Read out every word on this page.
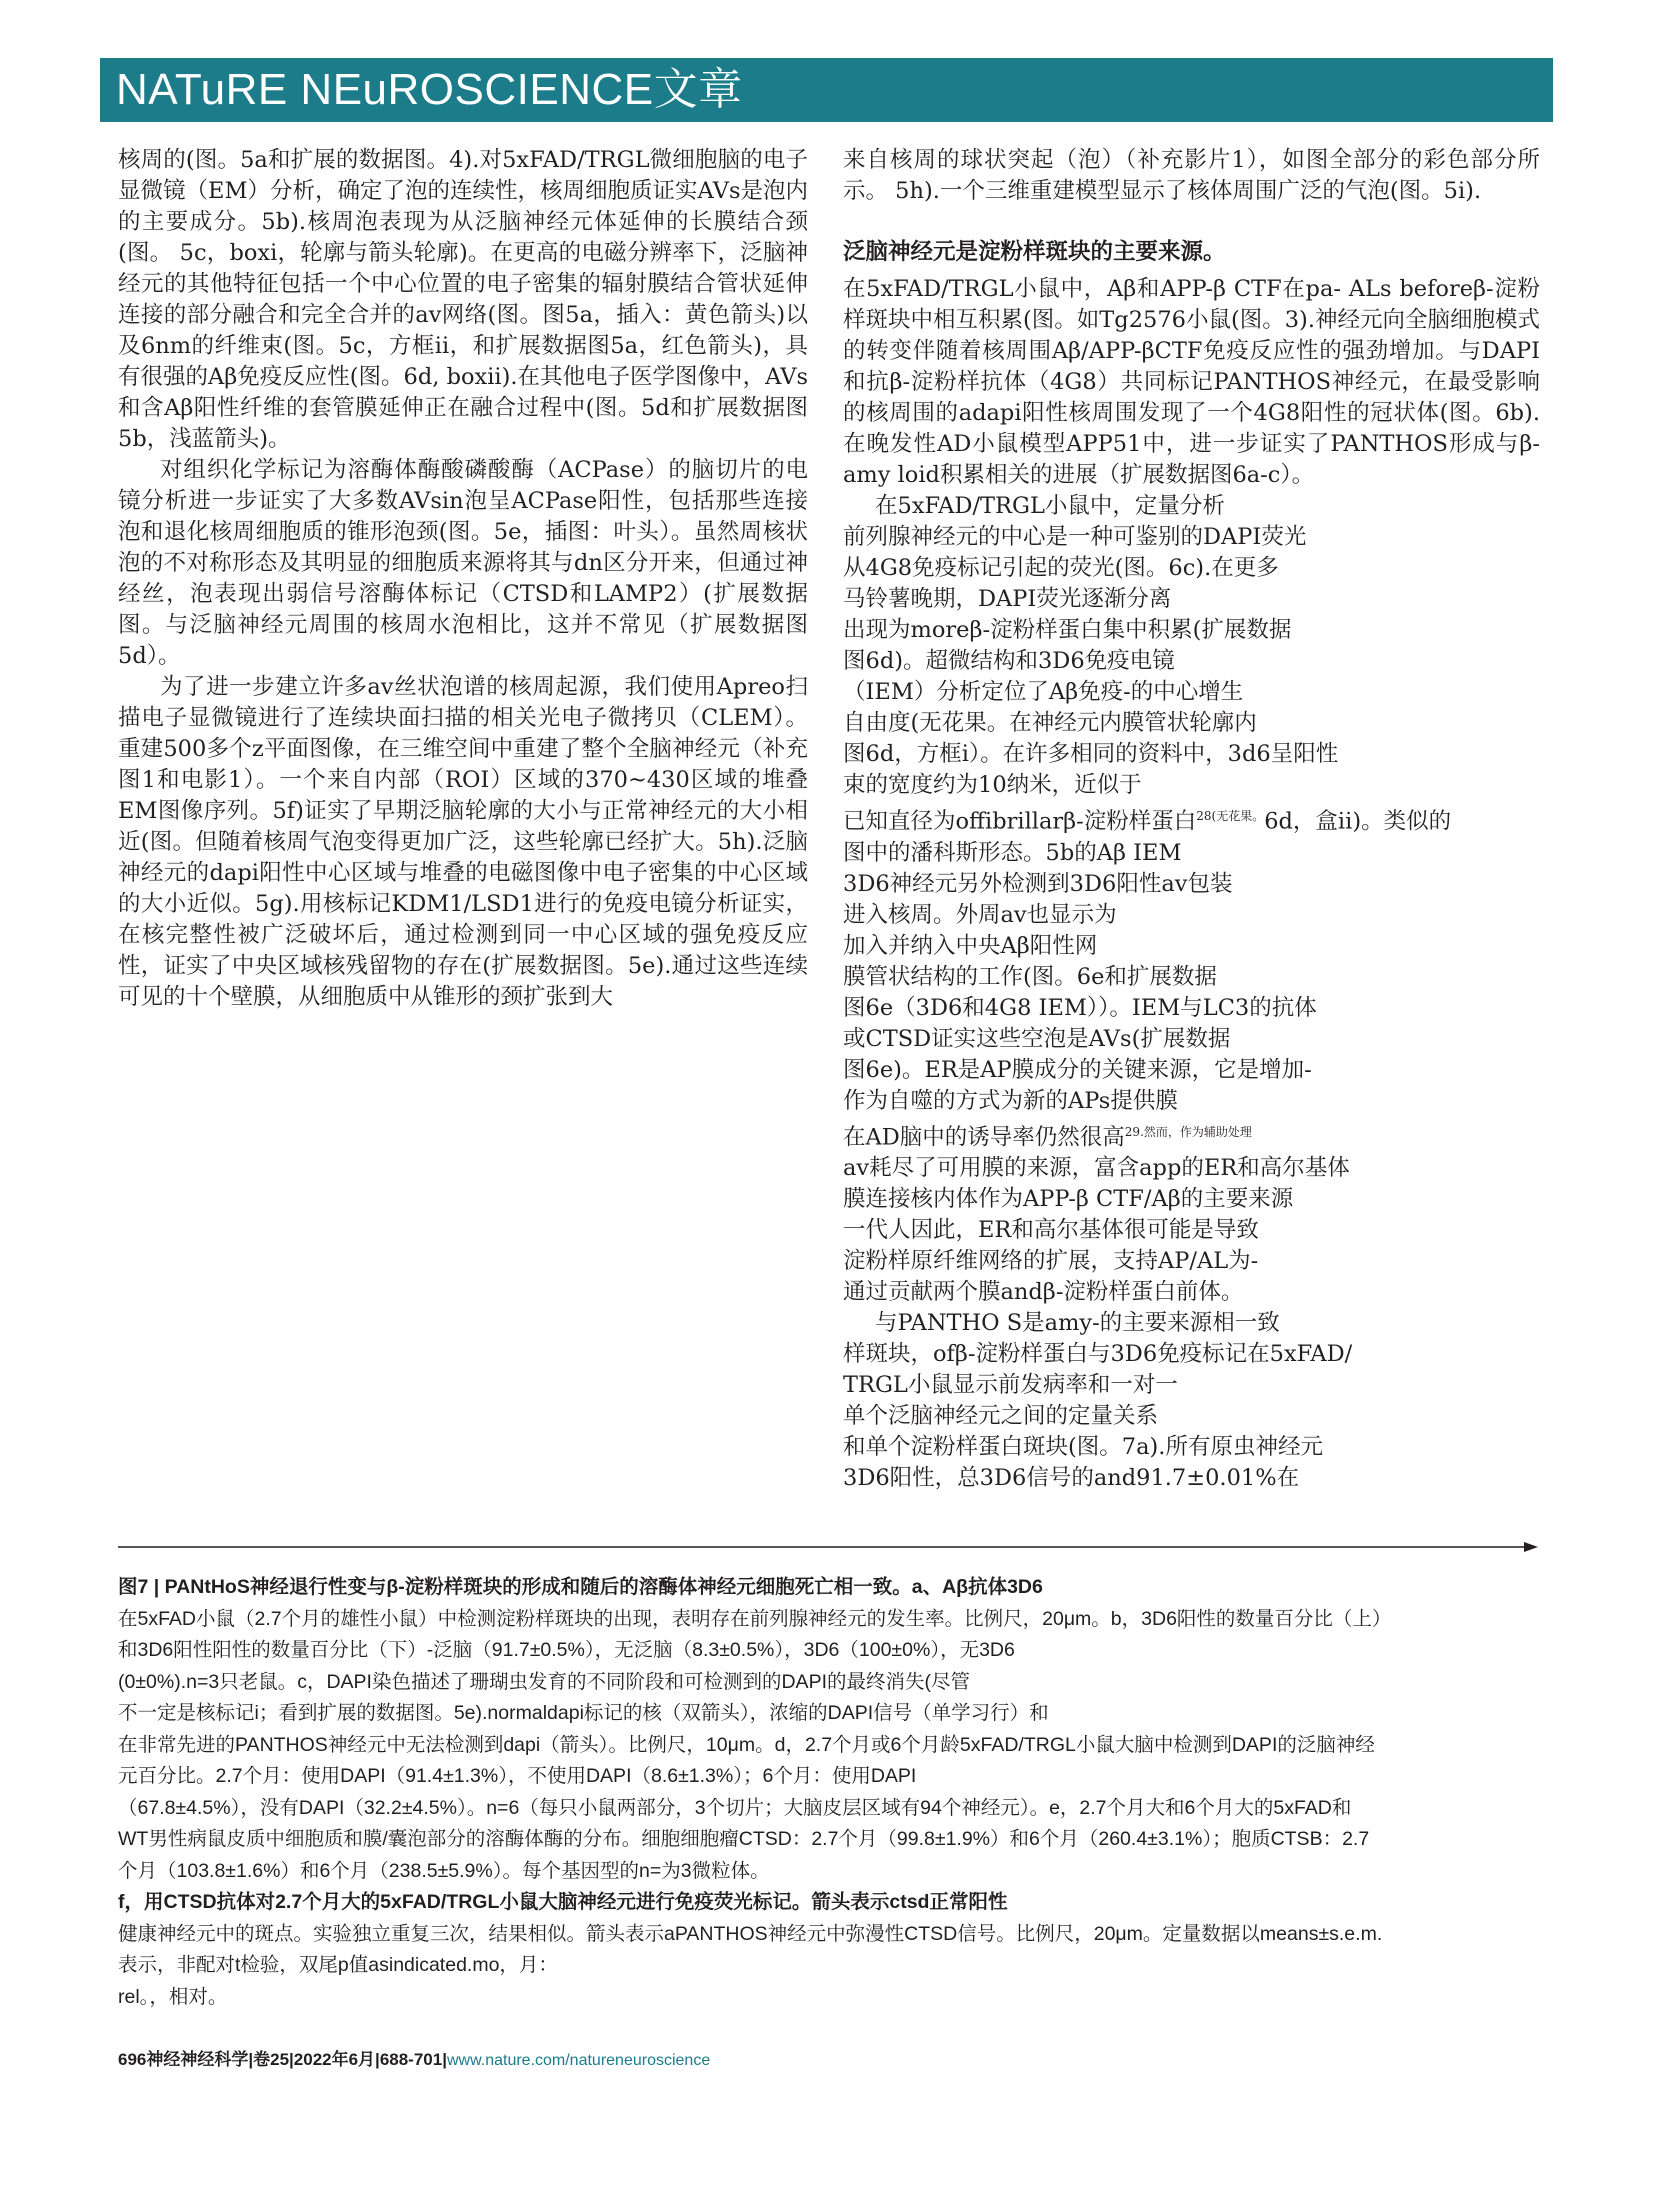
NATuRE NEuROSCIENCE文章

核周的(图。5a和扩展的数据图。4).对5xFAD/TRGL微细胞脑的电子显微镜（EM）分析，确定了泡的连续性，核周细胞质证实AVs是泡内的主要成分。5b).核周泡表现为从泛脑神经元体延伸的长膜结合颈(图。 5c，boxi，轮廓与箭头轮廓)。在更高的电磁分辨率下，泛脑神经元的其他特征包括一个中心位置的电子密集的辐射膜结合管状延伸连接的部分融合和完全合并的av网络(图。图5a，插入：黄色箭头)以及6nm的纤维束(图。5c，方框ii，和扩展数据图5a，红色箭头)，具有很强的Aβ免疫反应性(图。6d, boxii).在其他电子医学图像中，AVs和含Aβ阳性纤维的套管膜延伸正在融合过程中(图。5d和扩展数据图5b，浅蓝箭头)。

对组织化学标记为溶酶体酶酸磷酸酶（ACPase）的脑切片的电镜分析进一步证实了大多数AVsin泡呈ACPase阳性，包括那些连接泡和退化核周细胞质的锥形泡颈(图。5e，插图：叶头）。虽然周核状泡的不对称形态及其明显的细胞质来源将其与dn区分开来，但通过神经丝，泡表现出弱信号溶酶体标记（CTSD和LAMP2）(扩展数据图。与泛脑神经元周围的核周水泡相比，这并不常见（扩展数据图5d）。

为了进一步建立许多av丝状泡谱的核周起源，我们使用Apreo扫描电子显微镜进行了连续块面扫描的相关光电子微拷贝（CLEM）。重建500多个z平面图像，在三维空间中重建了整个全脑神经元（补充图1和电影1）。一个来自内部（ROI）区域的370~430区域的堆叠EM图像序列。5f)证实了早期泛脑轮廓的大小与正常神经元的大小相近(图。但随着核周气泡变得更加广泛，这些轮廓已经扩大。5h).泛脑神经元的dapi阳性中心区域与堆叠的电磁图像中电子密集的中心区域的大小近似。5g).用核标记KDM1/LSD1进行的免疫电镜分析证实，在核完整性被广泛破坏后，通过检测到同一中心区域的强免疫反应性，证实了中央区域核残留物的存在(扩展数据图。5e).通过这些连续可见的十个壁膜，从细胞质中从锥形的颈扩张到大

来自核周的球状突起（泡）（补充影片1），如图全部分的彩色部分所示。 5h).一个三维重建模型显示了核体周围广泛的气泡(图。5i).

泛脑神经元是淀粉样斑块的主要来源。

在5xFAD/TRGL小鼠中，Aβ和APP-β CTF在pa- ALs beforeβ-淀粉样斑块中相互积累(图。如Tg2576小鼠(图。3).神经元向全脑细胞模式的转变伴随着核周围Aβ/APP-βCTF免疫反应性的强劲增加。与DAPI和抗β-淀粉样抗体（4G8）共同标记PANTHOS神经元，在最受影响的核周围的adapi阳性核周围发现了一个4G8阳性的冠状体(图。6b).在晚发性AD小鼠模型APP51中，进一步证实了PANTHOS形成与β-amy loid积累相关的进展（扩展数据图6a-c）。

在5xFAD/TRGL小鼠中，定量分析
前列腺神经元的中心是一种可鉴别的DAPI荧光
从4G8免疫标记引起的荧光(图。6c).在更多
马铃薯晚期，DAPI荧光逐渐分离
出现为moreβ-淀粉样蛋白集中积累(扩展数据
图6d)。超微结构和3D6免疫电镜
（IEM）分析定位了Aβ免疫-的中心增生
自由度(无花果。在神经元内膜管状轮廓内
图6d，方框i）。在许多相同的资料中，3d6呈阳性
束的宽度约为10纳米，近似于
已知直径为offibrillarβ-淀粉样蛋白$^{28(无花果。}$6d，盒ii)。类似的
图中的潘科斯形态。5b的Aβ IEM
3D6神经元另外检测到3D6阳性av包装
进入核周。外周av也显示为
加入并纳入中央Aβ阳性网
膜管状结构的工作(图。6e和扩展数据
图6e（3D6和4G8 IEM））。IEM与LC3的抗体
或CTSD证实这些空泡是AVs(扩展数据
图6e)。ER是AP膜成分的关键来源，它是增加-
作为自噬的方式为新的APs提供膜
在AD脑中的诱导率仍然很高$^{29.然而,作为辅助处理}$
av耗尽了可用膜的来源，富含app的ER和高尔基体
膜连接核内体作为APP-β CTF/Aβ的主要来源
一代人因此，ER和高尔基体很可能是导致
淀粉样原纤维网络的扩展，支持AP/AL为-
通过贡献两个膜andβ-淀粉样蛋白前体。
与PANTHO S是amy-的主要来源相一致
样斑块，ofβ-淀粉样蛋白与3D6免疫标记在5xFAD/
TRGL小鼠显示前发病率和一对一
单个泛脑神经元之间的定量关系
和单个淀粉样蛋白斑块(图。7a).所有原虫神经元
3D6阳性，总3D6信号的and91.7±0.01%在

图7 | PANtHoS神经退行性变与β-淀粉样斑块的形成和随后的溶酶体神经元细胞死亡相一致。a、Aβ抗体3D6

在5xFAD小鼠（2.7个月的雄性小鼠）中检测淀粉样斑块的出现，表明存在前列腺神经元的发生率。比例尺，20μm。b，3D6阳性的数量百分比（上）

和3D6阳性阳性的数量百分比（下）-泛脑（91.7±0.5%），无泛脑（8.3±0.5%），3D6（100±0%），无3D6

(0±0%).n=3只老鼠。c，DAPI染色描述了珊瑚虫发育的不同阶段和可检测到的DAPI的最终消失(尽管

不一定是核标记i；看到扩展的数据图。5e).normaldapi标记的核（双箭头），浓缩的DAPI信号（单学习行）和

在非常先进的PANTHOS神经元中无法检测到dapi（箭头）。比例尺，10μm。d，2.7个月或6个月龄5xFAD/TRGL小鼠大脑中检测到DAPI的泛脑神经

元百分比。2.7个月：使用DAPI（91.4±1.3%），不使用DAPI（8.6±1.3%）；6个月：使用DAPI

（67.8±4.5%），没有DAPI（32.2±4.5%）。n=6（每只小鼠两部分，3个切片；大脑皮层区域有94个神经元）。e，2.7个月大和6个月大的5xFAD和

WT男性病鼠皮质中细胞质和膜/囊泡部分的溶酶体酶的分布。细胞细胞瘤CTSD：2.7个月（99.8±1.9%）和6个月（260.4±3.1%）；胞质CTSB：2.7

个月（103.8±1.6%）和6个月（238.5±5.9%）。每个基因型的n=为3微粒体。

f，用CTSD抗体对2.7个月大的5xFAD/TRGL小鼠大脑神经元进行免疫荧光标记。箭头表示ctsd正常阳性

健康神经元中的斑点。实验独立重复三次，结果相似。箭头表示aPANTHOS神经元中弥漫性CTSD信号。比例尺，20μm。定量数据以means±s.e.m.

表示，非配对t检验，双尾p值asindicated.mo，月：

rel。，相对。

696神经神经科学|卷25|2022年6月|688-701|www.nature.com/natureneuroscience
